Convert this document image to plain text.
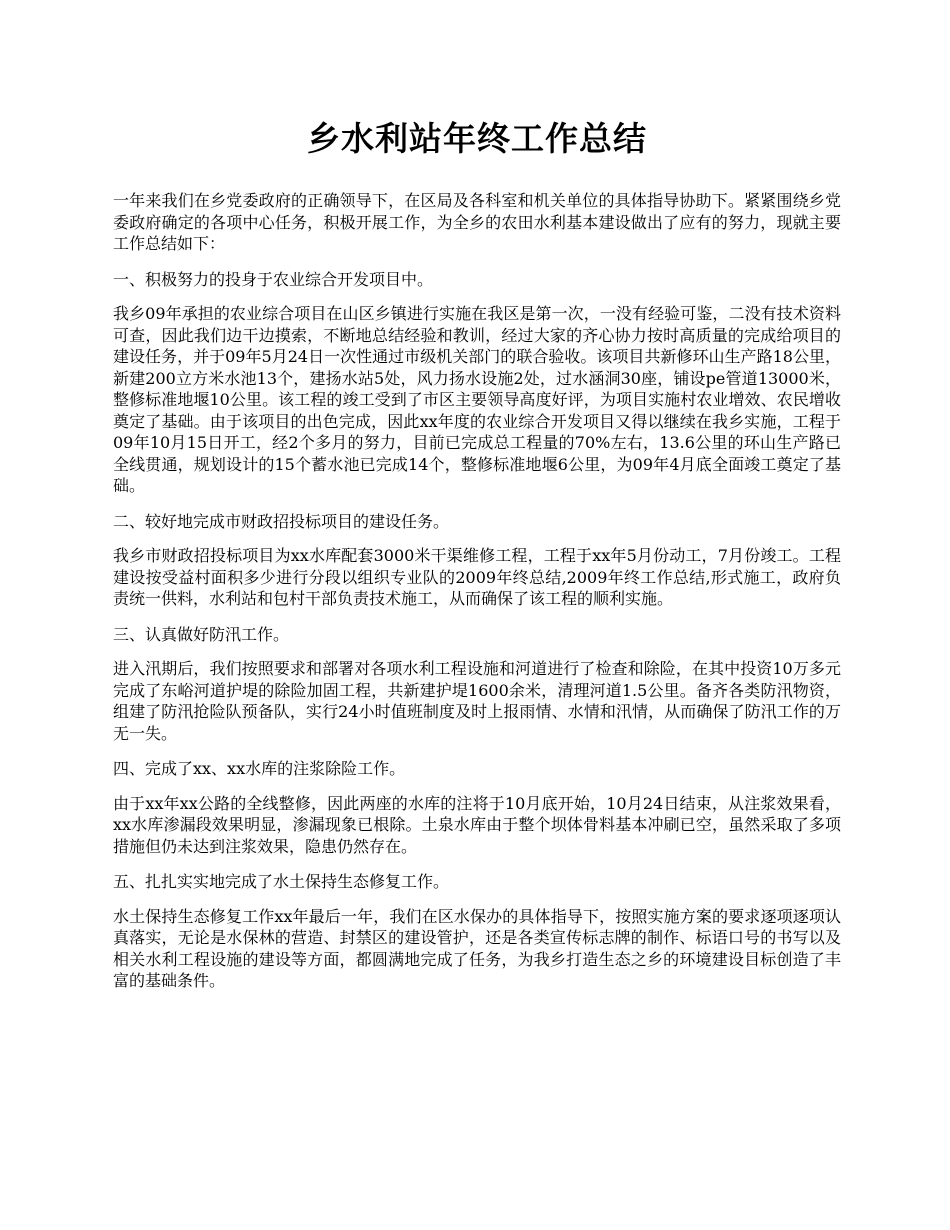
乡水利站年终工作总结

一年来我们在乡党委政府的正确领导下，在区局及各科室和机关单位的具体指导协助下。紧紧围绕乡党委政府确定的各项中心任务，积极开展工作，为全乡的农田水利基本建设做出了应有的努力，现就主要工作总结如下：

一、积极努力的投身于农业综合开发项目中。

我乡09年承担的农业综合项目在山区乡镇进行实施在我区是第一次，一没有经验可鉴，二没有技术资料可查，因此我们边干边摸索，不断地总结经验和教训，经过大家的齐心协力按时高质量的完成给项目的建设任务，并于09年5月24日一次性通过市级机关部门的联合验收。该项目共新修环山生产路18公里，新建200立方米水池13个，建扬水站5处，风力扬水设施2处，过水涵洞30座，铺设pe管道13000米，整修标准地堰10公里。该工程的竣工受到了市区主要领导高度好评，为项目实施村农业增效、农民增收奠定了基础。由于该项目的出色完成，因此xx年度的农业综合开发项目又得以继续在我乡实施，工程于09年10月15日开工，经2个多月的努力，目前已完成总工程量的70%左右，13.6公里的环山生产路已全线贯通，规划设计的15个蓄水池已完成14个，整修标准地堰6公里，为09年4月底全面竣工奠定了基础。

二、较好地完成市财政招投标项目的建设任务。

我乡市财政招投标项目为xx水库配套3000米干渠维修工程，工程于xx年5月份动工，7月份竣工。工程建设按受益村面积多少进行分段以组织专业队的2009年终总结,2009年终工作总结,形式施工，政府负责统一供料，水利站和包村干部负责技术施工，从而确保了该工程的顺利实施。

三、认真做好防汛工作。

进入汛期后，我们按照要求和部署对各项水利工程设施和河道进行了检查和除险，在其中投资10万多元完成了东峪河道护堤的除险加固工程，共新建护堤1600余米，清理河道1.5公里。备齐各类防汛物资，组建了防汛抢险队预备队，实行24小时值班制度及时上报雨情、水情和汛情，从而确保了防汛工作的万无一失。

四、完成了xx、xx水库的注浆除险工作。

由于xx年xx公路的全线整修，因此两座的水库的注将于10月底开始，10月24日结束，从注浆效果看，xx水库渗漏段效果明显，渗漏现象已根除。土泉水库由于整个坝体骨料基本冲刷已空，虽然采取了多项措施但仍未达到注浆效果，隐患仍然存在。

五、扎扎实实地完成了水土保持生态修复工作。

水土保持生态修复工作xx年最后一年，我们在区水保办的具体指导下，按照实施方案的要求逐项逐项认真落实，无论是水保林的营造、封禁区的建设管护，还是各类宣传标志牌的制作、标语口号的书写以及相关水利工程设施的建设等方面，都圆满地完成了任务，为我乡打造生态之乡的环境建设目标创造了丰富的基础条件。
